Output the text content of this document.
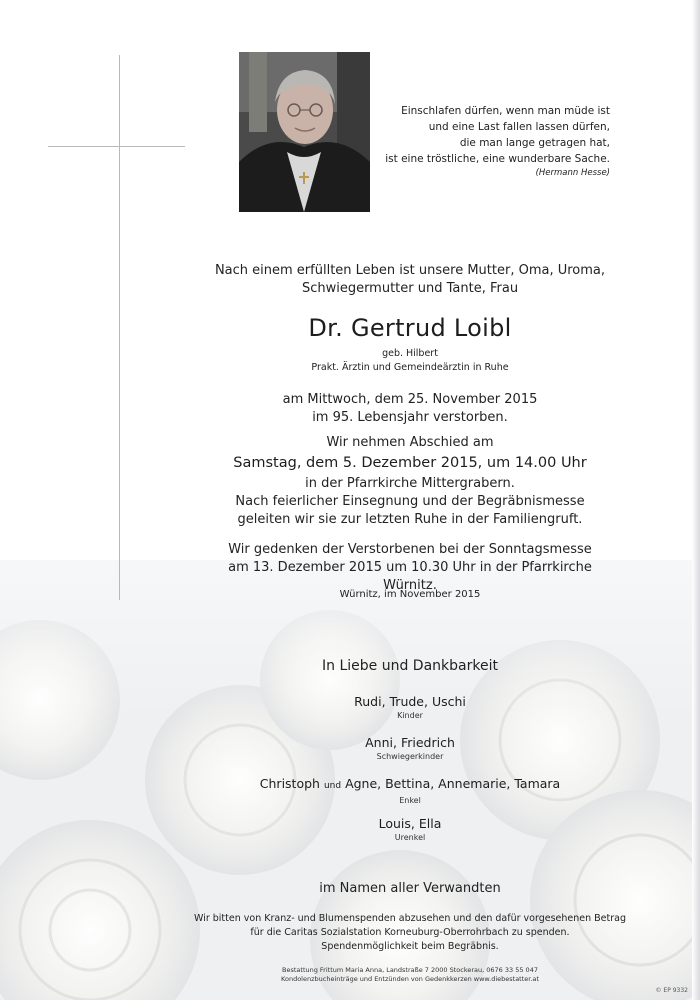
Einschlafen dürfen, wenn man müde ist

und eine Last fallen lassen dürfen,

die man lange getragen hat,

ist eine tröstliche, eine wunderbare Sache.

(Hermann Hesse)

Nach einem erfüllten Leben ist unsere Mutter, Oma, Uroma,

Schwiegermutter und Tante, Frau

Dr. Gertrud Loibl

geb. Hilbert

Prakt. Ärztin und Gemeindeärztin in Ruhe

am Mittwoch, dem 25. November 2015

im 95. Lebensjahr verstorben.

Wir nehmen Abschied am

Samstag, dem 5. Dezember 2015, um 14.00 Uhr

in der Pfarrkirche Mittergrabern.

Nach feierlicher Einsegnung und der Begräbnismesse

geleiten wir sie zur letzten Ruhe in der Familiengruft.

Wir gedenken der Verstorbenen bei der Sonntagsmesse

am 13. Dezember 2015 um 10.30 Uhr in der Pfarrkirche Würnitz.

Würnitz, im November 2015

In Liebe und Dankbarkeit

Rudi, Trude, Uschi

Kinder

Anni, Friedrich

Schwiegerkinder

Christoph und Agne, Bettina, Annemarie, Tamara

Enkel

Louis, Ella

Urenkel

im Namen aller Verwandten

Wir bitten von Kranz- und Blumenspenden abzusehen und den dafür vorgesehenen Betrag

für die Caritas Sozialstation Korneuburg-Oberrohrbach zu spenden.

Spendenmöglichkeit beim Begräbnis.

Bestattung Frittum Maria Anna, Landstraße 7 2000 Stockerau, 0676 33 55 047

Kondolenzbucheinträge und Entzünden von Gedenkkerzen www.diebestatter.at

© EP 9332
